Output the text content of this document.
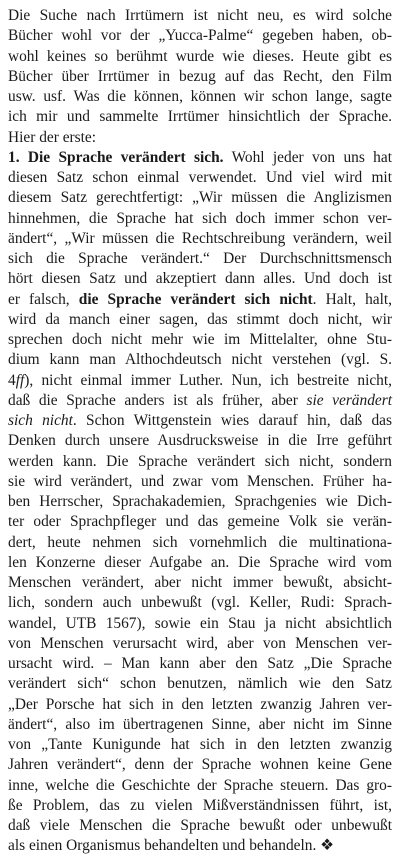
Die Suche nach Irrtümern ist nicht neu, es wird solche
Bücher wohl vor der „Yucca-Palme“ gegeben haben, ob-
wohl keines so berühmt wurde wie dieses. Heute gibt es
Bücher über Irrtümer in bezug auf das Recht, den Film
usw. usf. Was die können, können wir schon lange, sagte
ich mir und sammelte Irrtümer hinsichtlich der Sprache.
Hier der erste:
1. Die Sprache verändert sich. Wohl jeder von uns hat
diesen Satz schon einmal verwendet. Und viel wird mit
diesem Satz gerechtfertigt: „Wir müssen die Anglizismen
hinnehmen, die Sprache hat sich doch immer schon ver-
ändert“, „Wir müssen die Rechtschreibung verändern, weil
sich die Sprache verändert.“ Der Durchschnittsmensch
hört diesen Satz und akzeptiert dann alles. Und doch ist
er falsch, die Sprache verändert sich nicht. Halt, halt,
wird da manch einer sagen, das stimmt doch nicht, wir
sprechen doch nicht mehr wie im Mittelalter, ohne Stu-
dium kann man Althochdeutsch nicht verstehen (vgl. S.
4ff), nicht einmal immer Luther. Nun, ich bestreite nicht,
daß die Sprache anders ist als früher, aber sie verändert
sich nicht. Schon Wittgenstein wies darauf hin, daß das
Denken durch unsere Ausdrucksweise in die Irre geführt
werden kann. Die Sprache verändert sich nicht, sondern
sie wird verändert, und zwar vom Menschen. Früher ha-
ben Herrscher, Sprachakademien, Sprachgenies wie Dich-
ter oder Sprachpfleger und das gemeine Volk sie verän-
dert, heute nehmen sich vornehmlich die multinationa-
len Konzerne dieser Aufgabe an. Die Sprache wird vom
Menschen verändert, aber nicht immer bewußt, absicht-
lich, sondern auch unbewußt (vgl. Keller, Rudi: Sprach-
wandel, UTB 1567), sowie ein Stau ja nicht absichtlich
von Menschen verursacht wird, aber von Menschen ver-
ursacht wird. – Man kann aber den Satz „Die Sprache
verändert sich“ schon benutzen, nämlich wie den Satz
„Der Porsche hat sich in den letzten zwanzig Jahren ver-
ändert“, also im übertragenen Sinne, aber nicht im Sinne
von „Tante Kunigunde hat sich in den letzten zwanzig
Jahren verändert“, denn der Sprache wohnen keine Gene
inne, welche die Geschichte der Sprache steuern. Das gro-
ße Problem, das zu vielen Mißverständnissen führt, ist,
daß viele Menschen die Sprache bewußt oder unbewußt
als einen Organismus behandelten und behandeln. ❖
